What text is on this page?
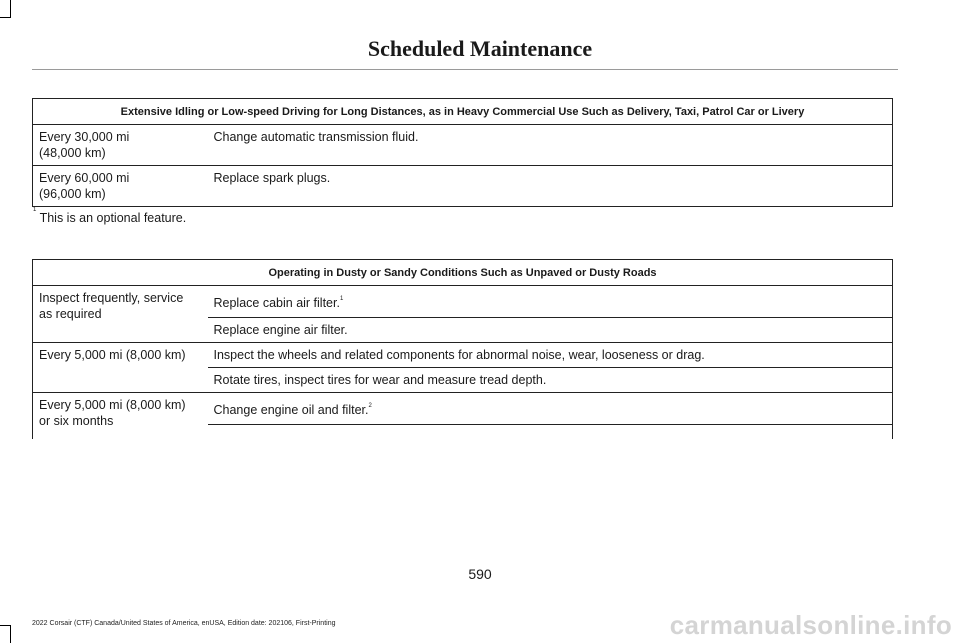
Scheduled Maintenance
Extensive Idling or Low-speed Driving for Long Distances, as in Heavy Commercial Use Such as Delivery, Taxi, Patrol Car or Livery	
Every 30,000 mi
(48,000 km)	Change automatic transmission fluid.
Every 60,000 mi
(96,000 km)	Replace spark plugs.
$^1$ This is an optional feature.
Operating in Dusty or Sandy Conditions Such as Unpaved or Dusty Roads	
Inspect frequently, service
as required	Replace cabin air filter.$^1$
	Replace engine air filter.
Every 5,000 mi (8,000 km)	Inspect the wheels and related components for abnormal noise, wear, looseness or drag.
	Rotate tires, inspect tires for wear and measure tread depth.
Every 5,000 mi (8,000 km)
or six months	Change engine oil and filter.$^2$

590
2022 Corsair (CTF) Canada/United States of America, enUSA, Edition date: 202106, First-Printing	carmanualsonline.info
